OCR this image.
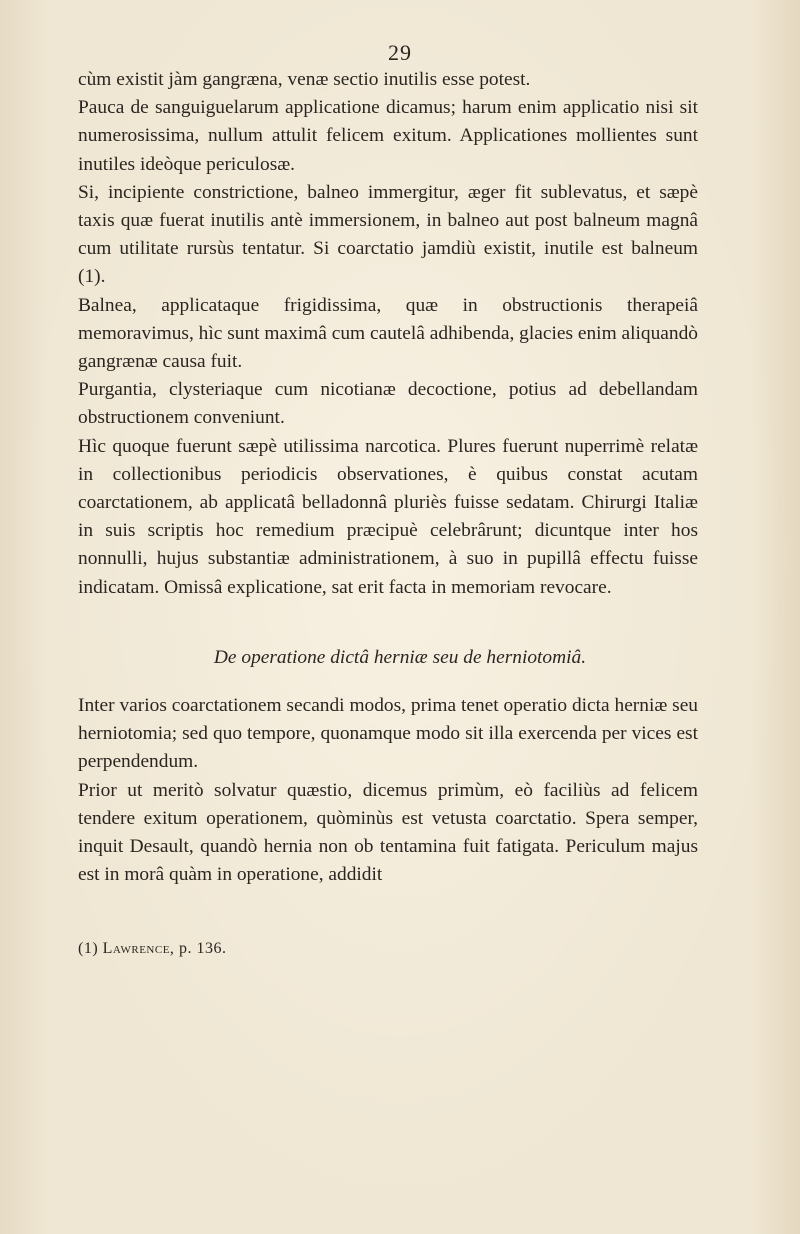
29

cùm existit jàm gangræna, venæ sectio inutilis esse potest.

Pauca de sanguiguelarum applicatione dicamus; harum enim applicatio nisi sit numerosissima, nullum attulit felicem exitum. Applicationes mollientes sunt inutiles ideòque periculosæ.

Si, incipiente constrictione, balneo immergitur, æger fit sublevatus, et sæpè taxis quæ fuerat inutilis antè immersionem, in balneo aut post balneum magnâ cum utilitate rursùs tentatur. Si coarctatio jamdiù existit, inutile est balneum (1).

Balnea, applicataque frigidissima, quæ in obstructionis therapeiâ memoravimus, hìc sunt maximâ cum cautelâ adhibenda, glacies enim aliquandò gangrænæ causa fuit.

Purgantia, clysteriaque cum nicotianæ decoctione, potius ad debellandam obstructionem conveniunt.

Hìc quoque fuerunt sæpè utilissima narcotica. Plures fuerunt nuperrimè relatæ in collectionibus periodicis observationes, è quibus constat acutam coarctationem, ab applicatâ belladonnâ pluriès fuisse sedatam. Chirurgi Italiæ in suis scriptis hoc remedium præcipuè celebrârunt; dicuntque inter hos nonnulli, hujus substantiæ administrationem, à suo in pupillâ effectu fuisse indicatam. Omissâ explicatione, sat erit facta in memoriam revocare.

De operatione dictâ herniæ seu de herniotomiâ.

Inter varios coarctationem secandi modos, prima tenet operatio dicta herniæ seu herniotomia; sed quo tempore, quonamque modo sit illa exercenda per vices est perpendendum.

Prior ut meritò solvatur quæstio, dicemus primùm, eò faciliùs ad felicem tendere exitum operationem, quòminùs est vetusta coarctatio. Spera semper, inquit Desault, quandò hernia non ob tentamina fuit fatigata. Periculum majus est in morâ quàm in operatione, addidit

(1) Lawrence, p. 136.
